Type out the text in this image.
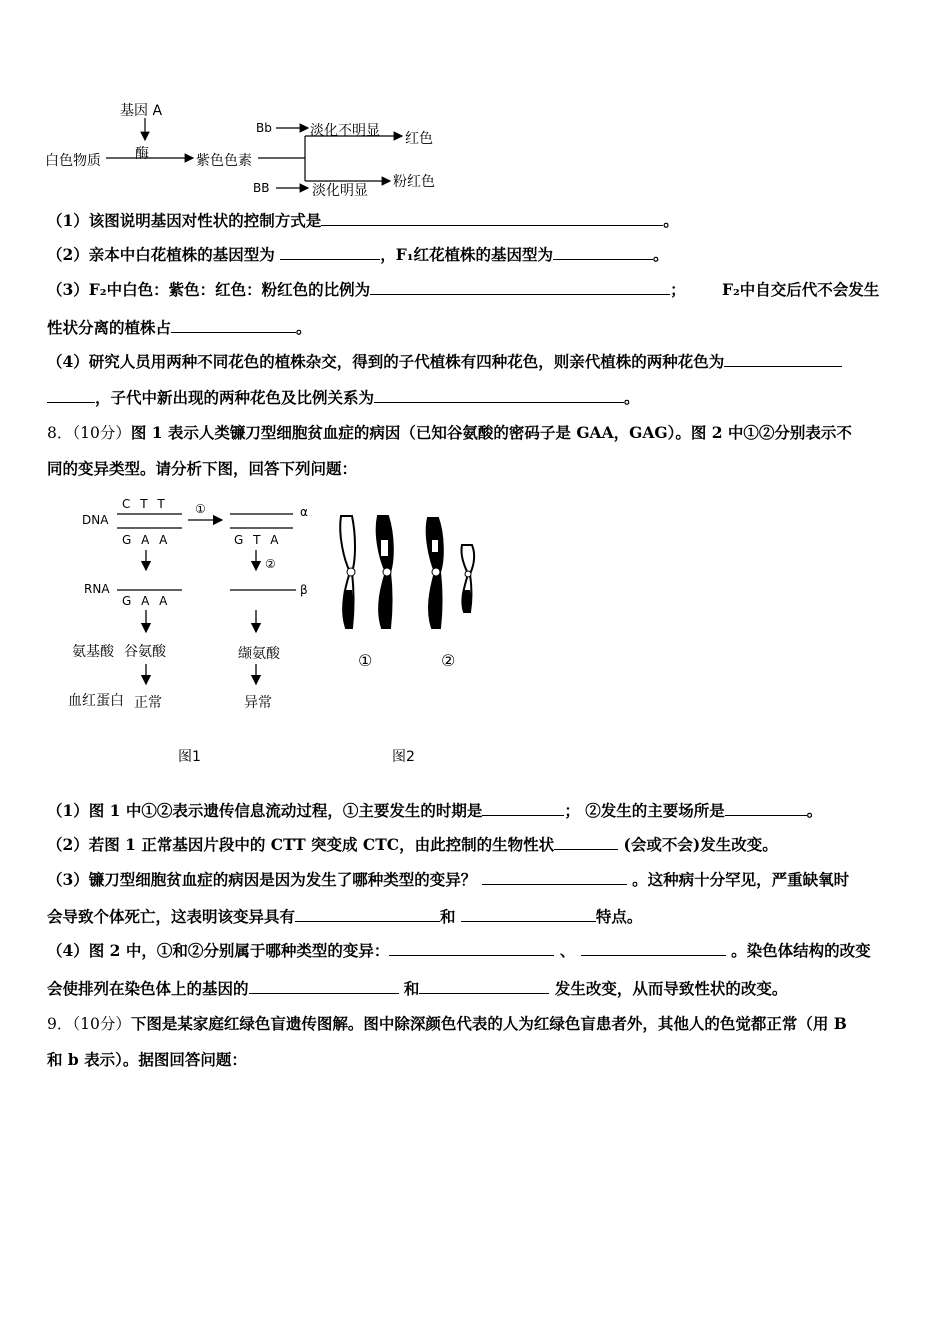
基因 A
酶
白色物质	紫色色素
Bb
BB
淡化不明显
淡化明显
红色
粉红色
（1）该图说明基因对性状的控制方式是	。
（2）亲本中白花植株的基因型为	，F₁红花植株的基因型为	。
（3）F₂中白色：紫色：红色：粉红色的比例为	； F₂中自交后代不会发生
性状分离的植株占	。
（4）研究人员用两种不同花色的植株杂交，得到的子代植株有四种花色，则亲代植株的两种花色为
，子代中新出现的两种花色及比例关系为	。
8．（10分）图 1 表示人类镰刀型细胞贫血症的病因（已知谷氨酸的密码子是 GAA，GAG）。图 2 中①②分别表示不
同的变异类型。请分析下图，回答下列问题：
DNA
C T T
G A A
①	α
G T A
②
β
RNA
G A A
氨基酸 谷氨酸	缬氨酸
血红蛋白 正常	异常
图1
①	②
图2
（1）图 1 中①②表示遗传信息流动过程，①主要发生的时期是	； ②发生的主要场所是	。
（2）若图 1 正常基因片段中的 CTT 突变成 CTC，由此控制的生物性状	(会或不会)发生改变。
（3）镰刀型细胞贫血症的病因是因为发生了哪种类型的变异？	。这种病十分罕见，严重缺氧时
会导致个体死亡，这表明该变异具有	和	特点。
（4）图 2 中，①和②分别属于哪种类型的变异：	、	。染色体结构的改变
会使排列在染色体上的基因的	和	发生改变，从而导致性状的改变。
9．（10分）下图是某家庭红绿色盲遗传图解。图中除深颜色代表的人为红绿色盲患者外，其他人的色觉都正常（用 B
和 b 表示）。据图回答问题：
